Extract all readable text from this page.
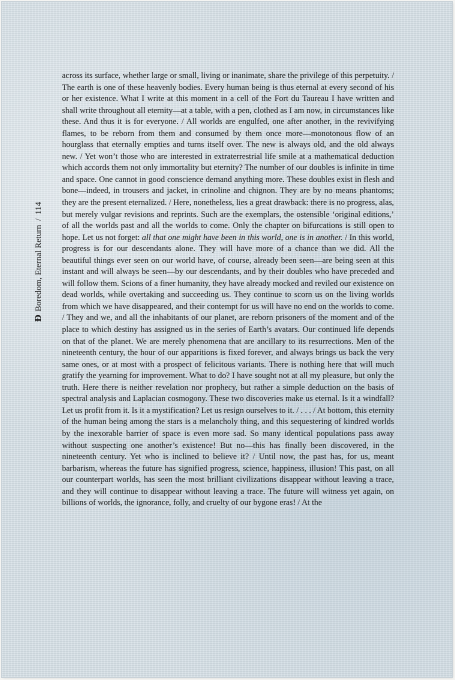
ÐBoredom, Eternal Return/114

across its surface, whether large or small, living or inanimate, share the privilege of this perpetuity. / The earth is one of these heavenly bodies. Every human being is thus eternal at every second of his or her existence. What I write at this moment in a cell of the Fort du Taureau I have written and shall write throughout all eternity—at a table, with a pen, clothed as I am now, in circumstances like these. And thus it is for everyone. / All worlds are engulfed, one after another, in the revivifying flames, to be reborn from them and consumed by them once more—monotonous flow of an hourglass that eternally empties and turns itself over. The new is always old, and the old always new. / Yet won’t those who are interested in extraterrestrial life smile at a mathematical deduction which accords them not only immortality but eternity? The number of our doubles is infinite in time and space. One cannot in good conscience demand anything more. These doubles exist in flesh and bone—indeed, in trousers and jacket, in crinoline and chignon. They are by no means phantoms; they are the present eternalized. / Here, nonetheless, lies a great drawback: there is no progress, alas, but merely vulgar revisions and reprints. Such are the exemplars, the ostensible ‘original editions,’ of all the worlds past and all the worlds to come. Only the chapter on bifurcations is still open to hope. Let us not forget: all that one might have been in this world, one is in another. / In this world, progress is for our descendants alone. They will have more of a chance than we did. All the beautiful things ever seen on our world have, of course, already been seen—are being seen at this instant and will always be seen—by our descendants, and by their doubles who have preceded and will follow them. Scions of a finer humanity, they have already mocked and reviled our existence on dead worlds, while overtaking and succeeding us. They continue to scorn us on the living worlds from which we have disappeared, and their contempt for us will have no end on the worlds to come. / They and we, and all the inhabitants of our planet, are reborn prisoners of the moment and of the place to which destiny has assigned us in the series of Earth’s avatars. Our continued life depends on that of the planet. We are merely phenomena that are ancillary to its resurrections. Men of the nineteenth century, the hour of our apparitions is fixed forever, and always brings us back the very same ones, or at most with a prospect of felicitous variants. There is nothing here that will much gratify the yearning for improvement. What to do? I have sought not at all my pleasure, but only the truth. Here there is neither revelation nor prophecy, but rather a simple deduction on the basis of spectral analysis and Laplacian cosmogony. These two discoveries make us eternal. Is it a windfall? Let us profit from it. Is it a mystification? Let us resign ourselves to it. / . . . / At bottom, this eternity of the human being among the stars is a melancholy thing, and this sequestering of kindred worlds by the inexorable barrier of space is even more sad. So many identical populations pass away without suspecting one another’s existence! But no—this has finally been discovered, in the nineteenth century. Yet who is inclined to believe it? / Until now, the past has, for us, meant barbarism, whereas the future has signified progress, science, happiness, illusion! This past, on all our counterpart worlds, has seen the most brilliant civilizations disappear without leaving a trace, and they will continue to disappear without leaving a trace. The future will witness yet again, on billions of worlds, the ignorance, folly, and cruelty of our bygone eras! / At the
